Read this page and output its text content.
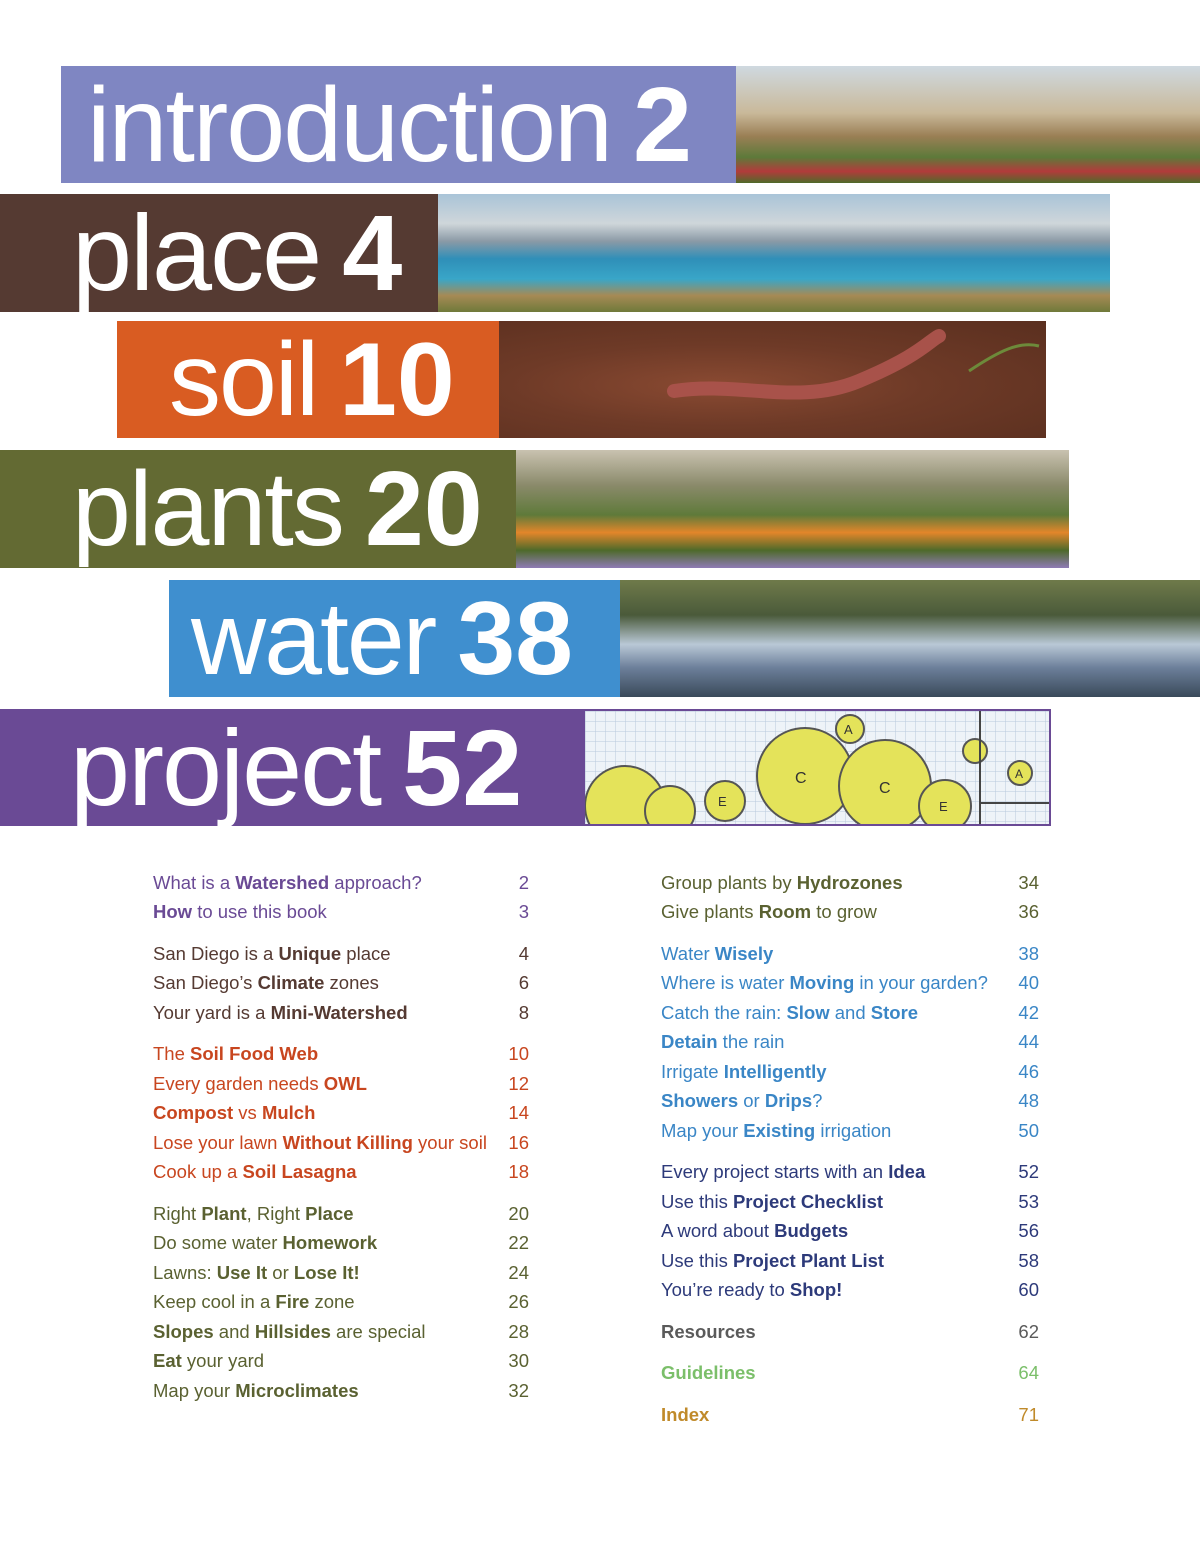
introduction 2
place 4
soil 10
plants 20
water 38
project 52	A
C
C
E	E
A
What is a Watershed approach?	2
How to use this book	3
San Diego is a Unique place	4
San Diego’s Climate zones	6
Your yard is a Mini-Watershed	8
The Soil Food Web	10
Every garden needs OWL	12
Compost vs Mulch	14
Lose your lawn Without Killing your soil 16
Cook up a Soil Lasagna	18
Right Plant, Right Place	20
Do some water Homework	22
Lawns: Use It or Lose It!	24
Keep cool in a Fire zone	26
Slopes and Hillsides are special	28
Eat your yard	30
Map your Microclimates	32
Group plants by Hydrozones	34
Give plants Room to grow	36
Water Wisely	38
Where is water Moving in your garden? 40
Catch the rain: Slow and Store	42
Detain the rain	44
Irrigate Intelligently	46
Showers or Drips?	48
Map your Existing irrigation	50
Every project starts with an Idea	52
Use this Project Checklist	53
A word about Budgets	56
Use this Project Plant List	58
You’re ready to Shop!	60
Resources	62
Guidelines	64
Index	71
